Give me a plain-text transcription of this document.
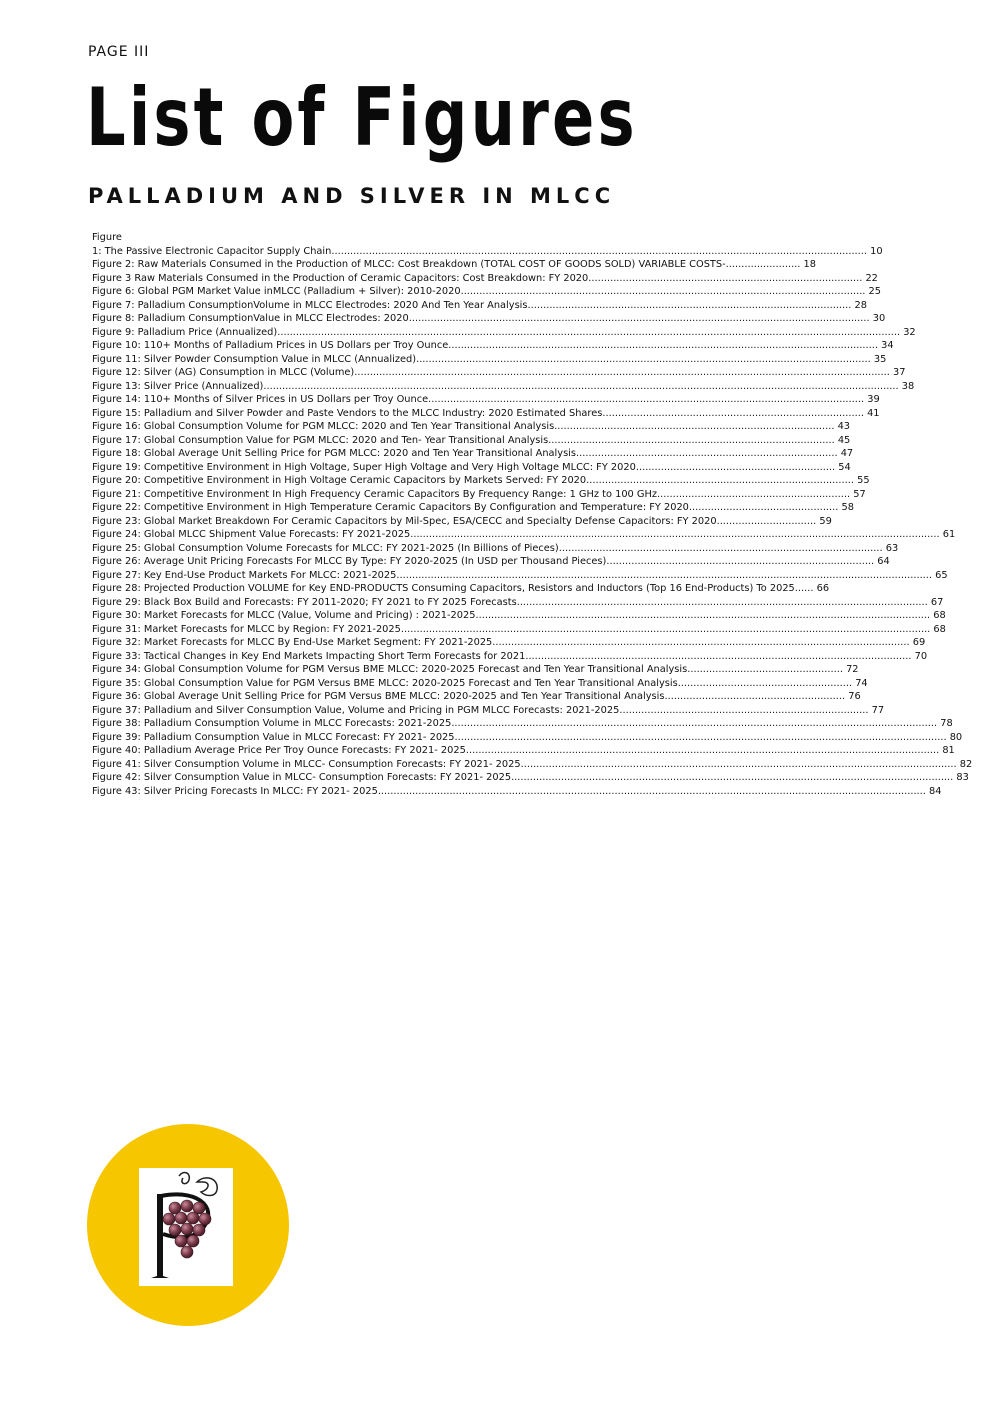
PAGE III
List of Figures
PALLADIUM AND SILVER IN MLCC
Figure
1: The Passive Electronic Capacitor Supply Chain............................................................................................................................................................................ 10
Figure 2: Raw Materials Consumed in the Production of MLCC: Cost Breakdown (TOTAL COST OF GOODS SOLD) VARIABLE COSTS-........................ 18
Figure 3 Raw Materials Consumed in the Production of Ceramic Capacitors: Cost Breakdown: FY 2020........................................................................................ 22
Figure 6: Global PGM Market Value inMLCC (Palladium + Silver): 2010-2020.................................................................................................................................. 25
Figure 7: Palladium ConsumptionVolume in MLCC Electrodes: 2020 And Ten Year Analysis........................................................................................................ 28
Figure 8: Palladium ConsumptionValue in MLCC Electrodes: 2020.................................................................................................................................................... 30
Figure 9: Palladium Price (Annualized)........................................................................................................................................................................................................ 32
Figure 10: 110+ Months of Palladium Prices in US Dollars per Troy Ounce.......................................................................................................................................... 34
Figure 11: Silver Powder Consumption Value in MLCC (Annualized).................................................................................................................................................. 35
Figure 12: Silver (AG) Consumption in MLCC (Volume)............................................................................................................................................................................ 37
Figure 13: Silver Price (Annualized)............................................................................................................................................................................................................ 38
Figure 14: 110+ Months of Silver Prices in US Dollars per Troy Ounce............................................................................................................................................ 39
Figure 15: Palladium and Silver Powder and Paste Vendors to the MLCC Industry: 2020 Estimated Shares.................................................................................... 41
Figure 16: Global Consumption Volume for PGM MLCC: 2020 and Ten Year Transitional Analysis.......................................................................................... 43
Figure 17: Global Consumption Value for PGM MLCC: 2020 and Ten- Year Transitional Analysis............................................................................................ 45
Figure 18: Global Average Unit Selling Price for PGM MLCC: 2020 and Ten Year Transitional Analysis.................................................................................... 47
Figure 19: Competitive Environment in High Voltage, Super High Voltage and Very High Voltage MLCC: FY 2020................................................................ 54
Figure 20: Competitive Environment in High Voltage Ceramic Capacitors by Markets Served: FY 2020...................................................................................... 55
Figure 21: Competitive Environment In High Frequency Ceramic Capacitors By Frequency Range: 1 GHz to 100 GHz.............................................................. 57
Figure 22: Competitive Environment in High Temperature Ceramic Capacitors By Configuration and Temperature: FY 2020................................................ 58
Figure 23: Global Market Breakdown For Ceramic Capacitors by Mil-Spec, ESA/CECC and Specialty Defense Capacitors: FY 2020................................ 59
Figure 24: Global MLCC Shipment Value Forecasts: FY 2021-2025.......................................................................................................................................................................... 61
Figure 25: Global Consumption Volume Forecasts for MLCC: FY 2021-2025 (In Billions of Pieces)........................................................................................................ 63
Figure 26: Average Unit Pricing Forecasts For MLCC By Type: FY 2020-2025 (In USD per Thousand Pieces)...................................................................................... 64
Figure 27: Key End-Use Product Markets For MLCC: 2021-2025............................................................................................................................................................................ 65
Figure 28: Projected Production VOLUME for Key END-PRODUCTS Consuming Capacitors, Resistors and Inductors (Top 16 End-Products) To 2025...... 66
Figure 29: Black Box Build and Forecasts: FY 2011-2020; FY 2021 to FY 2025 Forecasts.................................................................................................................................... 67
Figure 30: Market Forecasts for MLCC (Value, Volume and Pricing) : 2021-2025.................................................................................................................................................. 68
Figure 31: Market Forecasts for MLCC by Region: FY 2021-2025.......................................................................................................................................................................... 68
Figure 32: Market Forecasts for MLCC By End-Use Market Segment: FY 2021-2025...................................................................................................................................... 69
Figure 33: Tactical Changes in Key End Markets Impacting Short Term Forecasts for 2021............................................................................................................................ 70
Figure 34: Global Consumption Volume for PGM Versus BME MLCC: 2020-2025 Forecast and Ten Year Transitional Analysis.................................................. 72
Figure 35: Global Consumption Value for PGM Versus BME MLCC: 2020-2025 Forecast and Ten Year Transitional Analysis........................................................ 74
Figure 36: Global Average Unit Selling Price for PGM Versus BME MLCC: 2020-2025 and Ten Year Transitional Analysis.......................................................... 76
Figure 37: Palladium and Silver Consumption Value, Volume and Pricing in PGM MLCC Forecasts: 2021-2025................................................................................ 77
Figure 38: Palladium Consumption Volume in MLCC Forecasts: 2021-2025............................................................................................................................................................ 78
Figure 39: Palladium Consumption Value in MLCC Forecast: FY 2021- 2025.............................................................................................................................................................. 80
Figure 40: Palladium Average Price Per Troy Ounce Forecasts: FY 2021- 2025........................................................................................................................................................ 81
Figure 41: Silver Consumption Volume in MLCC- Consumption Forecasts: FY 2021- 2025............................................................................................................................................ 82
Figure 42: Silver Consumption Value in MLCC- Consumption Forecasts: FY 2021- 2025.............................................................................................................................................. 83
Figure 43: Silver Pricing Forecasts In MLCC: FY 2021- 2025................................................................................................................................................................................ 84
